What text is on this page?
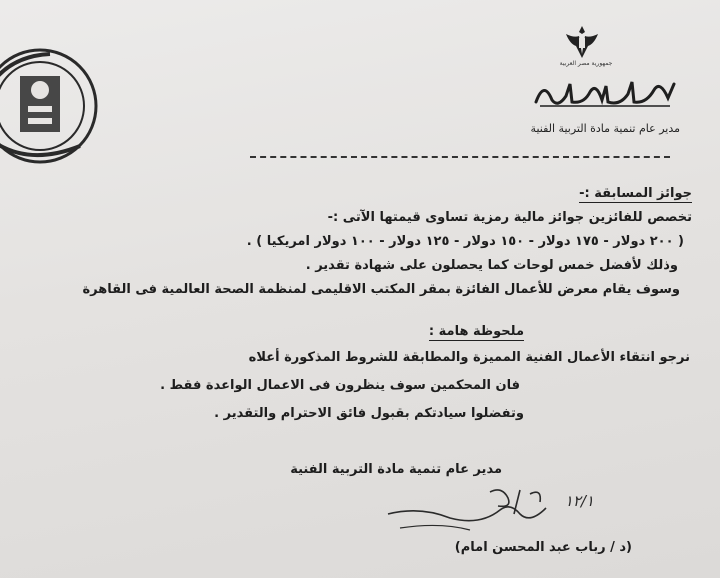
جمهورية مصر العربية
مدير عام تنمية مادة التربية الفنية
جوائز المسابقة :-
تخصص للفائزين جوائز مالية رمزية تساوى قيمتها الآتى :-
( ٢٠٠ دولار - ١٧٥ دولار - ١٥٠ دولار - ١٢٥ دولار - ١٠٠ دولار امريكيا ) .
وذلك لأفضل خمس لوحات كما يحصلون على شهادة تقدير .
وسوف يقام معرض للأعمال الفائزة بمقر المكتب الاقليمى لمنظمة الصحة العالمية فى القاهرة
ملحوظة هامة :
نرجو انتقاء الأعمال الفنية المميزة والمطابقة للشروط المذكورة أعلاه
فان المحكمين سوف ينظرون فى الاعمال الواعدة فقط .
وتفضلوا سيادتكم بقبول فائق الاحترام والتقدير .
مدير عام تنمية مادة التربية الفنية
١٢/١
(د / رباب عبد المحسن امام)
